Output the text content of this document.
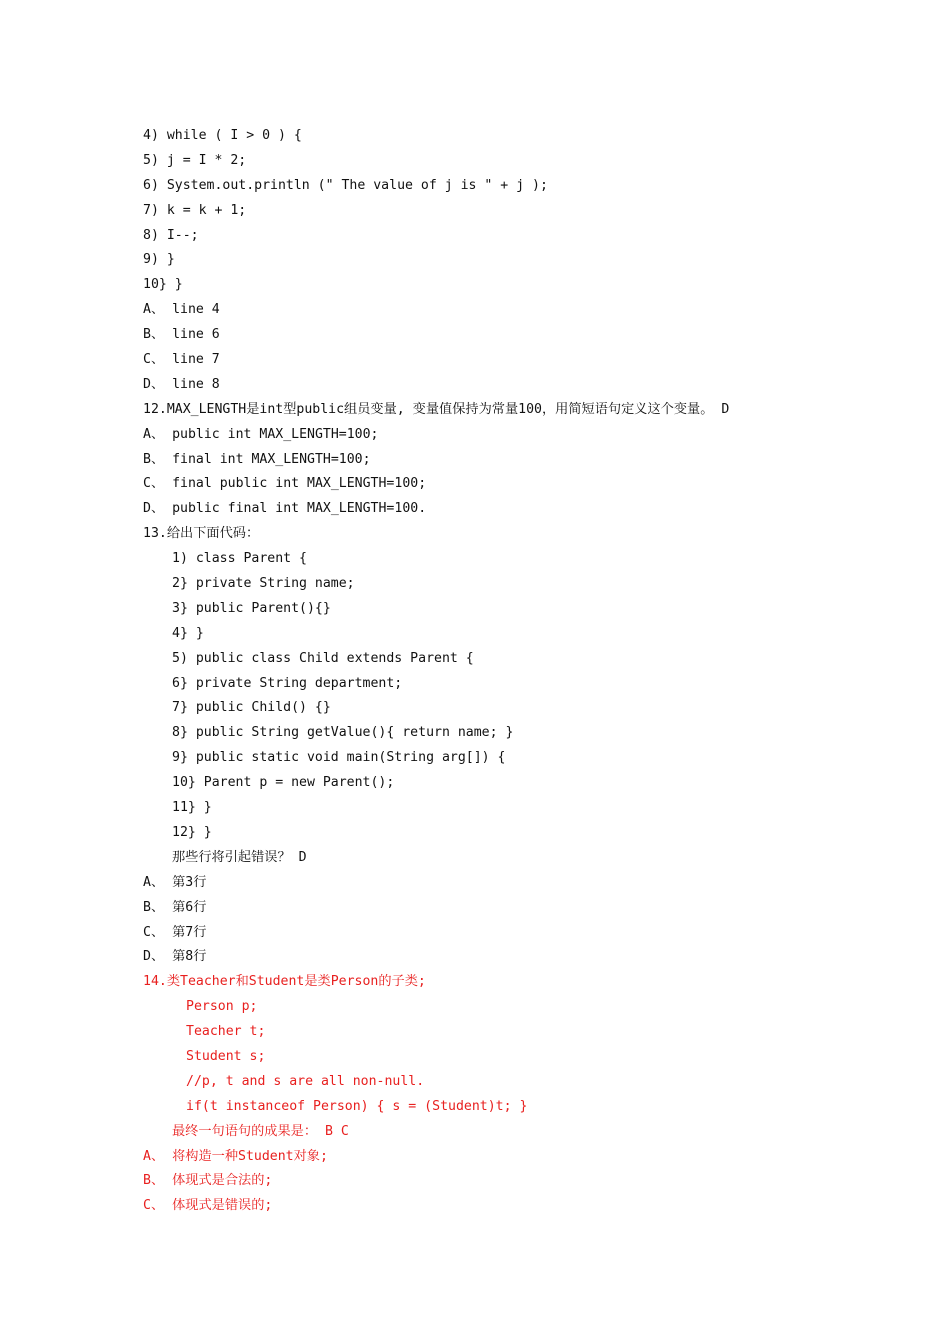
4) while ( I > 0 ) {
5) j = I * 2;
6) System.out.println (" The value of j is " + j );
7) k = k + 1;
8) I--;
9) }
10} }
A、 line 4
B、 line 6
C、 line 7
D、 line 8
12.MAX_LENGTH是int型public组员变量, 变量值保持为常量100，用简短语句定义这个变量。 D
A、 public int MAX_LENGTH=100;
B、 final int MAX_LENGTH=100;
C、 final public int MAX_LENGTH=100;
D、 public final int MAX_LENGTH=100.
13.给出下面代码：
1) class Parent {
2} private String name;
3} public Parent(){}
4} }
5) public class Child extends Parent {
6} private String department;
7} public Child() {}
8} public String getValue(){ return name; }
9} public static void main(String arg[]) {
10} Parent p = new Parent();
11} }
12} }
那些行将引起错误？ D
A、 第3行
B、 第6行
C、 第7行
D、 第8行
14.类Teacher和Student是类Person的子类;
Person p;
Teacher t;
Student s;
//p, t and s are all non-null.
if(t instanceof Person) { s = (Student)t; }
最终一句语句的成果是： B C
A、 将构造一种Student对象;
B、 体现式是合法的;
C、 体现式是错误的;
